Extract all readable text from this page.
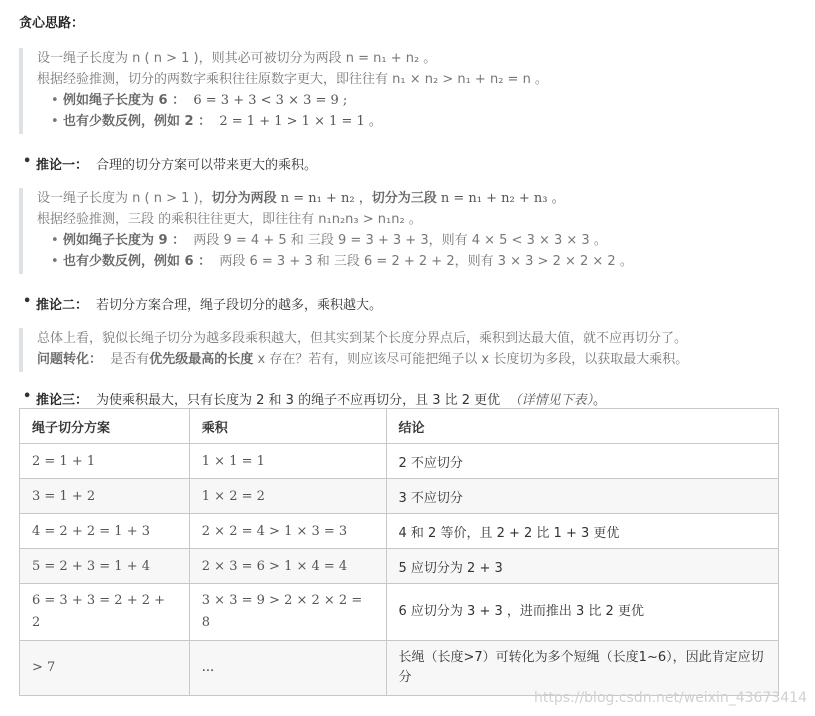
贪心思路：
设一绳子长度为 n ( n > 1 )，则其必可被切分为两段 n = n₁ + n₂ 。
根据经验推测，切分的两数字乘积往往原数字更大，即往往有 n₁ × n₂ > n₁ + n₂ = n 。
• 例如绳子长度为 6 ： 6 = 3 + 3 < 3 × 3 = 9 ;
• 也有少数反例，例如 2 ： 2 = 1 + 1 > 1 × 1 = 1 。
• 推论一： 合理的切分方案可以带来更大的乘积。
设一绳子长度为 n ( n > 1 )，切分为两段 n = n₁ + n₂ ，切分为三段 n = n₁ + n₂ + n₃ 。
根据经验推测，三段 的乘积往往更大，即往往有 n₁n₂n₃ > n₁n₂ 。
• 例如绳子长度为 9 ： 两段 9 = 4 + 5 和 三段 9 = 3 + 3 + 3，则有 4 × 5 < 3 × 3 × 3 。
• 也有少数反例，例如 6 ： 两段 6 = 3 + 3 和 三段 6 = 2 + 2 + 2，则有 3 × 3 > 2 × 2 × 2 。
• 推论二： 若切分方案合理，绳子段切分的越多，乘积越大。
总体上看，貌似长绳子切分为越多段乘积越大，但其实到某个长度分界点后，乘积到达最大值，就不应再切分了。
问题转化： 是否有优先级最高的长度 x 存在？若有，则应该尽可能把绳子以 x 长度切为多段，以获取最大乘积。
• 推论三： 为使乘积最大，只有长度为 2 和 3 的绳子不应再切分，且 3 比 2 更优 （详情见下表）。
绳子切分方案	乘积	结论
2 = 1 + 1	1 × 1 = 1	2 不应切分
3 = 1 + 2	1 × 2 = 2	3 不应切分
4 = 2 + 2 = 1 + 3	2 × 2 = 4 > 1 × 3 = 3	4 和 2 等价，且 2 + 2 比 1 + 3 更优
5 = 2 + 3 = 1 + 4	2 × 3 = 6 > 1 × 4 = 4	5 应切分为 2 + 3
6 = 3 + 3 = 2 + 2 + 2	3 × 3 = 9 > 2 × 2 × 2 = 8	6 应切分为 3 + 3 ，进而推出 3 比 2 更优
> 7	...	长绳（长度>7）可转化为多个短绳（长度1~6），因此肯定应切分
https://blog.csdn.net/weixin_43673414
